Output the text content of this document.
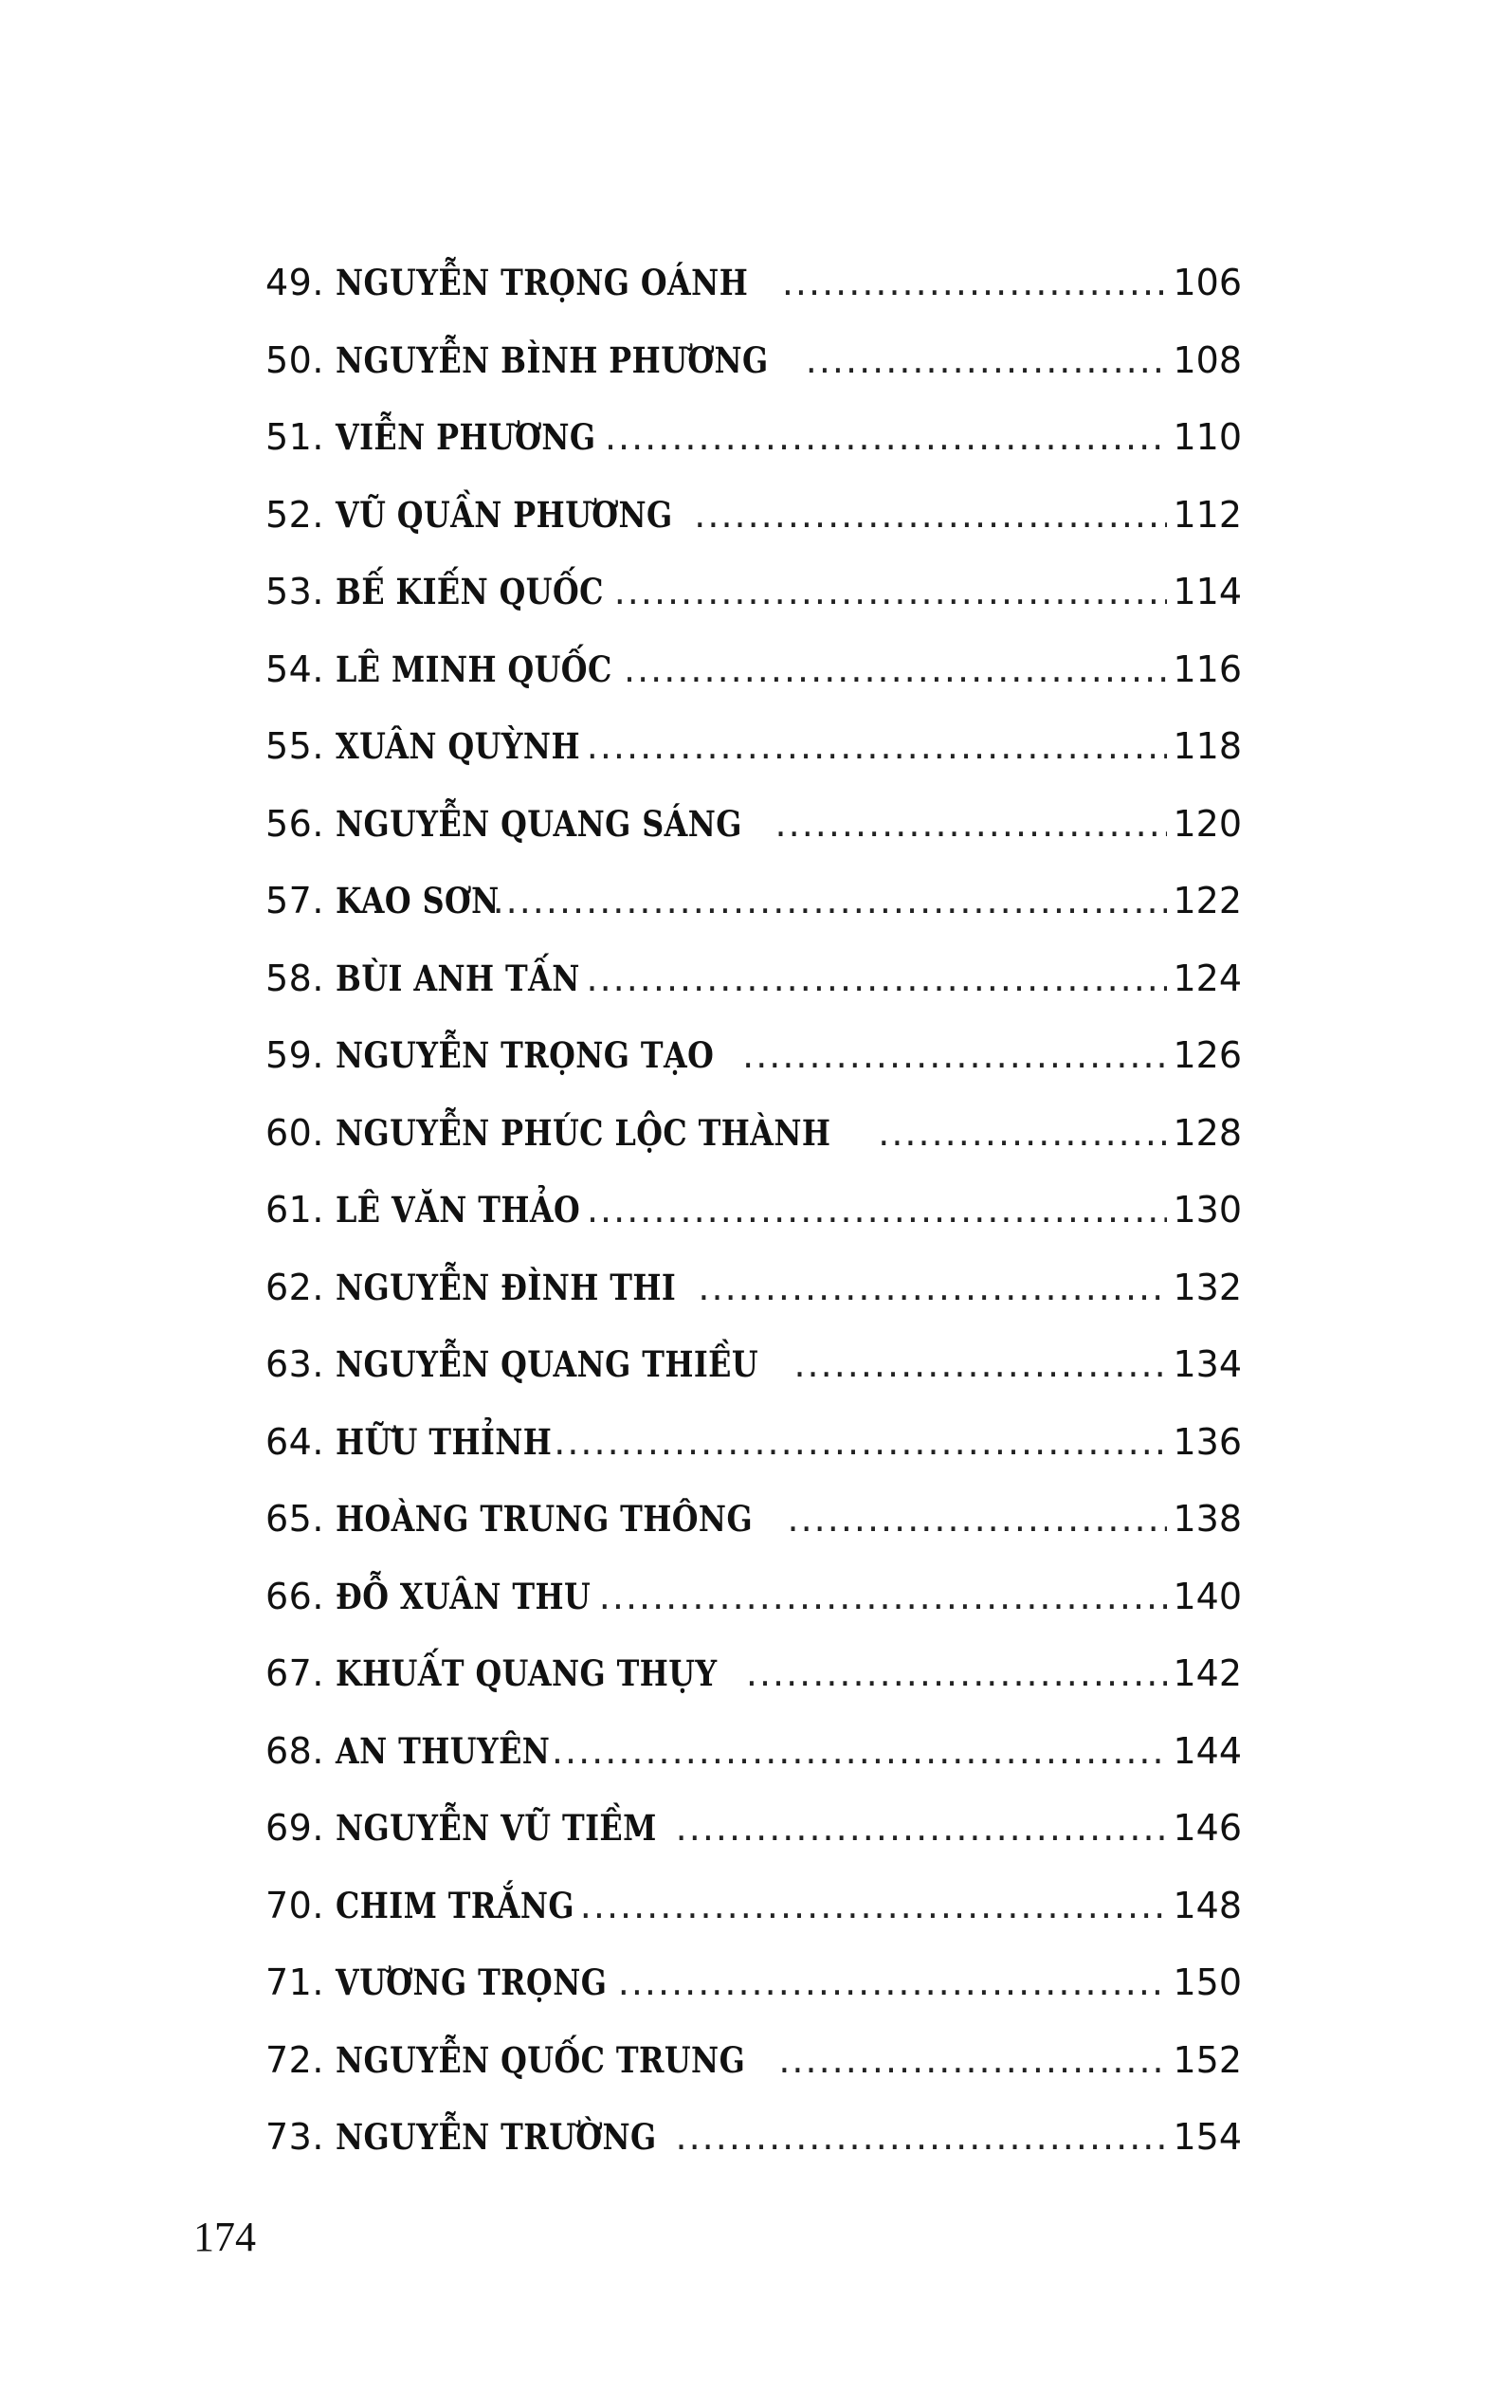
49. NGUYỄN TRỌNG OÁNH .....	106
50. NGUYỄN BÌNH PHƯƠNG .....	108
51. VIỄN PHƯƠNG .....	110
52. VŨ QUẦN PHƯƠNG .....	112
53. BẾ KIẾN QUỐC .....	114
54. LÊ MINH QUỐC .....	116
55. XUÂN QUỲNH .....	118
56. NGUYỄN QUANG SÁNG .....	120
57. KAO SƠN .....	122
58. BÙI ANH TẤN .....	124
59. NGUYỄN TRỌNG TẠO .....	126
60. NGUYỄN PHÚC LỘC THÀNH .....	128
61. LÊ VĂN THẢO .....	130
62. NGUYỄN ĐÌNH THI .....	132
63. NGUYỄN QUANG THIỀU .....	134
64. HỮU THỈNH .....	136
65. HOÀNG TRUNG THÔNG .....	138
66. ĐỖ XUÂN THU .....	140
67. KHUẤT QUANG THỤY .....	142
68. AN THUYÊN .....	144
69. NGUYỄN VŨ TIỀM .....	146
70. CHIM TRẮNG .....	148
71. VƯƠNG TRỌNG .....	150
72. NGUYỄN QUỐC TRUNG .....	152
73. NGUYỄN TRƯỜNG .....	154
174
